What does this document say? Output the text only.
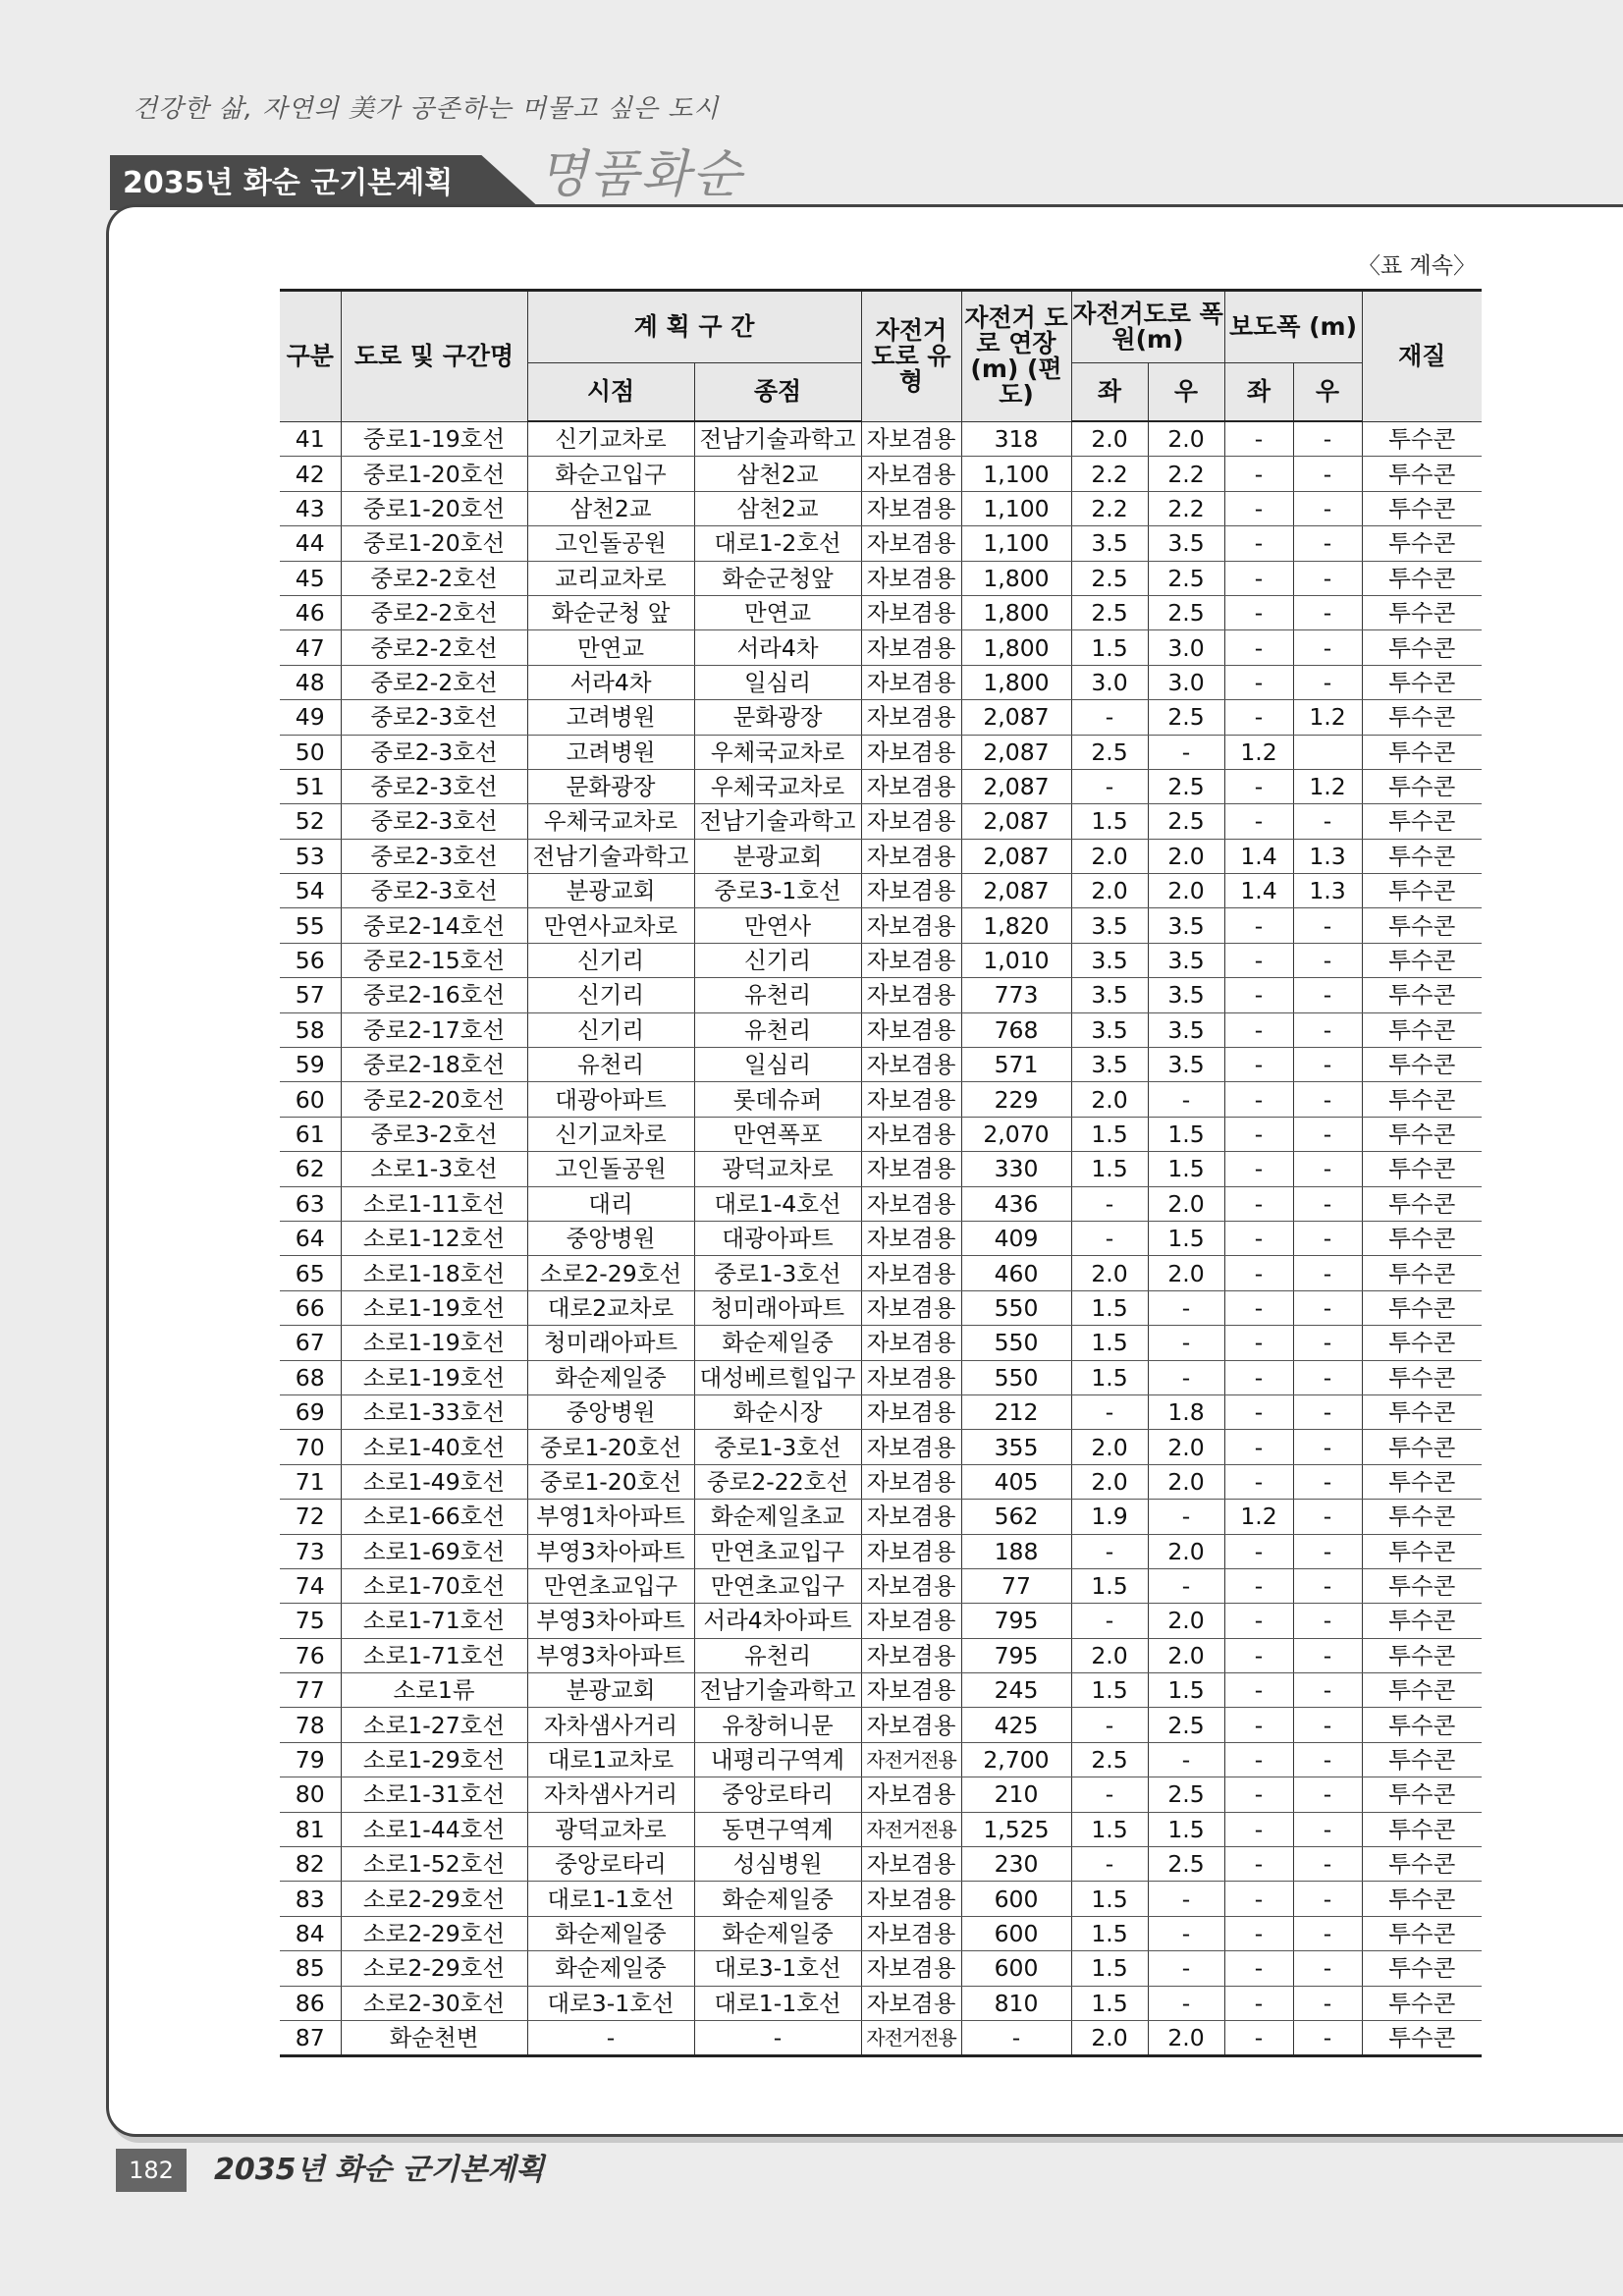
건강한 삶, 자연의 美가 공존하는 머물고 싶은 도시
2035년 화순 군기본계획 명품화순
〈표 계속〉
구분	도로 및 구간명	계 획 구 간		자전거 도로 유형	자전거 도로 연장(m) (편도)	자전거도로 폭원(m)		보도폭 (m)		재질
		시점	종점			좌	우	좌	우	
41	중로1-19호선	신기교차로	전남기술과학고	자보겸용	318	2.0	2.0	-	-	투수콘
42	중로1-20호선	화순고입구	삼천2교	자보겸용	1,100	2.2	2.2	-	-	투수콘
43	중로1-20호선	삼천2교	삼천2교	자보겸용	1,100	2.2	2.2	-	-	투수콘
44	중로1-20호선	고인돌공원	대로1-2호선	자보겸용	1,100	3.5	3.5	-	-	투수콘
45	중로2-2호선	교리교차로	화순군청앞	자보겸용	1,800	2.5	2.5	-	-	투수콘
46	중로2-2호선	화순군청 앞	만연교	자보겸용	1,800	2.5	2.5	-	-	투수콘
47	중로2-2호선	만연교	서라4차	자보겸용	1,800	1.5	3.0	-	-	투수콘
48	중로2-2호선	서라4차	일심리	자보겸용	1,800	3.0	3.0	-	-	투수콘
49	중로2-3호선	고려병원	문화광장	자보겸용	2,087	-	2.5	-	1.2	투수콘
50	중로2-3호선	고려병원	우체국교차로	자보겸용	2,087	2.5	-	1.2		투수콘
51	중로2-3호선	문화광장	우체국교차로	자보겸용	2,087	-	2.5	-	1.2	투수콘
52	중로2-3호선	우체국교차로	전남기술과학고	자보겸용	2,087	1.5	2.5	-	-	투수콘
53	중로2-3호선	전남기술과학고	분광교회	자보겸용	2,087	2.0	2.0	1.4	1.3	투수콘
54	중로2-3호선	분광교회	중로3-1호선	자보겸용	2,087	2.0	2.0	1.4	1.3	투수콘
55	중로2-14호선	만연사교차로	만연사	자보겸용	1,820	3.5	3.5	-	-	투수콘
56	중로2-15호선	신기리	신기리	자보겸용	1,010	3.5	3.5	-	-	투수콘
57	중로2-16호선	신기리	유천리	자보겸용	773	3.5	3.5	-	-	투수콘
58	중로2-17호선	신기리	유천리	자보겸용	768	3.5	3.5	-	-	투수콘
59	중로2-18호선	유천리	일심리	자보겸용	571	3.5	3.5	-	-	투수콘
60	중로2-20호선	대광아파트	롯데슈퍼	자보겸용	229	2.0	-	-	-	투수콘
61	중로3-2호선	신기교차로	만연폭포	자보겸용	2,070	1.5	1.5	-	-	투수콘
62	소로1-3호선	고인돌공원	광덕교차로	자보겸용	330	1.5	1.5	-	-	투수콘
63	소로1-11호선	대리	대로1-4호선	자보겸용	436	-	2.0	-	-	투수콘
64	소로1-12호선	중앙병원	대광아파트	자보겸용	409	-	1.5	-	-	투수콘
65	소로1-18호선	소로2-29호선	중로1-3호선	자보겸용	460	2.0	2.0	-	-	투수콘
66	소로1-19호선	대로2교차로	청미래아파트	자보겸용	550	1.5	-	-	-	투수콘
67	소로1-19호선	청미래아파트	화순제일중	자보겸용	550	1.5	-	-	-	투수콘
68	소로1-19호선	화순제일중	대성베르힐입구	자보겸용	550	1.5	-	-	-	투수콘
69	소로1-33호선	중앙병원	화순시장	자보겸용	212	-	1.8	-	-	투수콘
70	소로1-40호선	중로1-20호선	중로1-3호선	자보겸용	355	2.0	2.0	-	-	투수콘
71	소로1-49호선	중로1-20호선	중로2-22호선	자보겸용	405	2.0	2.0	-	-	투수콘
72	소로1-66호선	부영1차아파트	화순제일초교	자보겸용	562	1.9	-	1.2	-	투수콘
73	소로1-69호선	부영3차아파트	만연초교입구	자보겸용	188	-	2.0	-	-	투수콘
74	소로1-70호선	만연초교입구	만연초교입구	자보겸용	77	1.5	-	-	-	투수콘
75	소로1-71호선	부영3차아파트	서라4차아파트	자보겸용	795	-	2.0	-	-	투수콘
76	소로1-71호선	부영3차아파트	유천리	자보겸용	795	2.0	2.0	-	-	투수콘
77	소로1류	분광교회	전남기술과학고	자보겸용	245	1.5	1.5	-	-	투수콘
78	소로1-27호선	자차샘사거리	유창허니문	자보겸용	425	-	2.5	-	-	투수콘
79	소로1-29호선	대로1교차로	내평리구역계	자전거전용	2,700	2.5	-	-	-	투수콘
80	소로1-31호선	자차샘사거리	중앙로타리	자보겸용	210	-	2.5	-	-	투수콘
81	소로1-44호선	광덕교차로	동면구역계	자전거전용	1,525	1.5	1.5	-	-	투수콘
82	소로1-52호선	중앙로타리	성심병원	자보겸용	230	-	2.5	-	-	투수콘
83	소로2-29호선	대로1-1호선	화순제일중	자보겸용	600	1.5	-	-	-	투수콘
84	소로2-29호선	화순제일중	화순제일중	자보겸용	600	1.5	-	-	-	투수콘
85	소로2-29호선	화순제일중	대로3-1호선	자보겸용	600	1.5	-	-	-	투수콘
86	소로2-30호선	대로3-1호선	대로1-1호선	자보겸용	810	1.5	-	-	-	투수콘
87	화순천변	-	-	자전거전용	-	2.0	2.0	-	-	투수콘
182	2035년 화순 군기본계획
